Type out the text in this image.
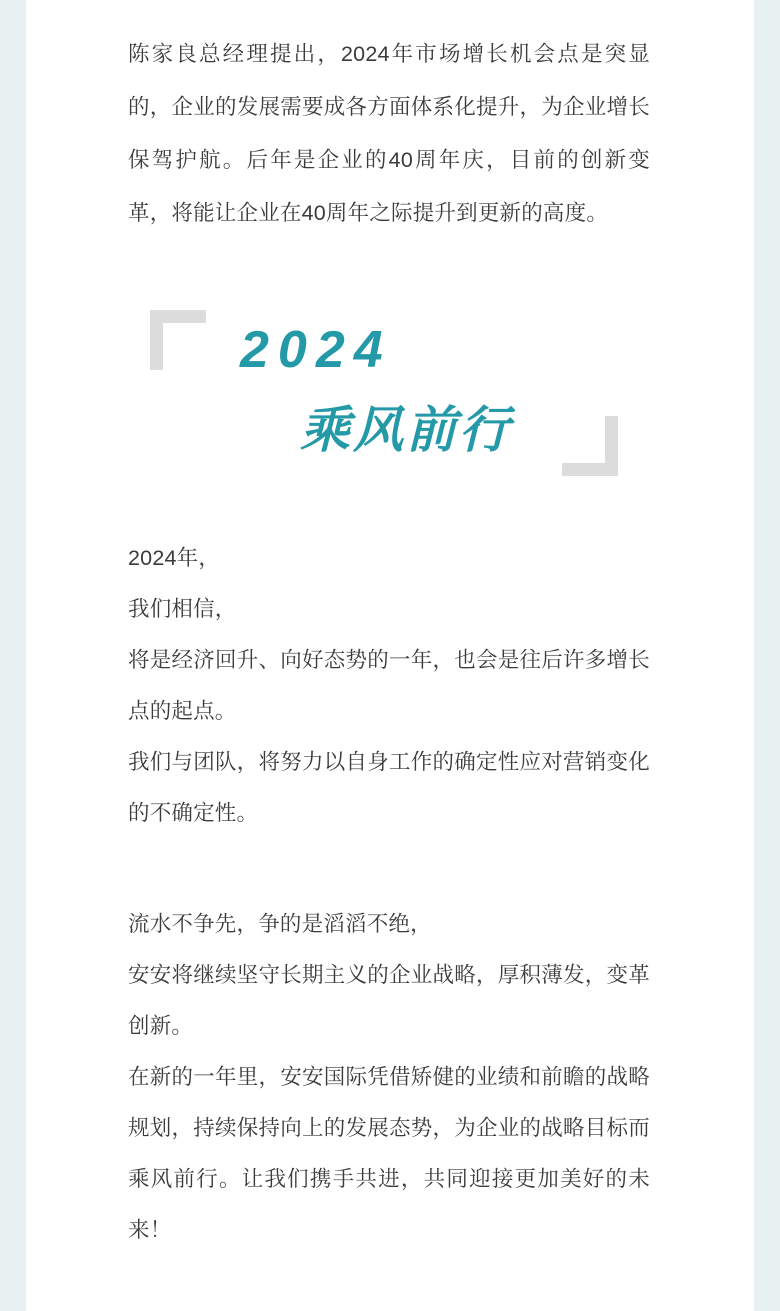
陈家良总经理提出，2024年市场增长机会点是突显的，企业的发展需要成各方面体系化提升，为企业增长保驾护航。后年是企业的40周年庆，目前的创新变革，将能让企业在40周年之际提升到更新的高度。

2024
乘风前行

2024年，

我们相信，

将是经济回升、向好态势的一年，也会是往后许多增长点的起点。

我们与团队，将努力以自身工作的确定性应对营销变化的不确定性。

流水不争先，争的是滔滔不绝，

安安将继续坚守长期主义的企业战略，厚积薄发，变革创新。

在新的一年里，安安国际凭借矫健的业绩和前瞻的战略规划，持续保持向上的发展态势，为企业的战略目标而乘风前行。让我们携手共进，共同迎接更加美好的未来！
